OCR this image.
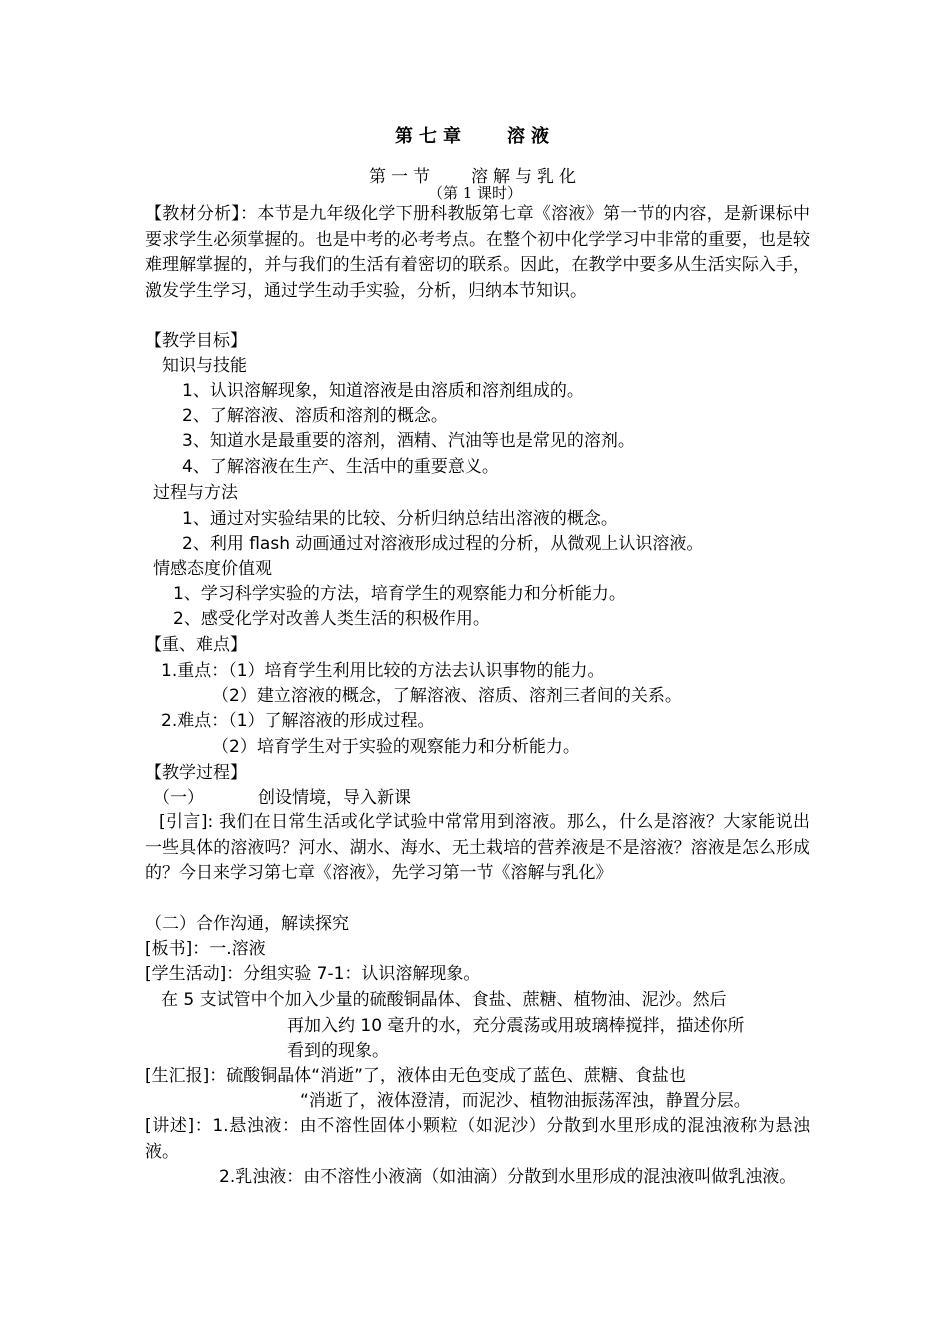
第七章 溶液
第一节 溶解与乳化
（第 1 课时）
【教材分析】：本节是九年级化学下册科教版第七章《溶液》第一节的内容，是新课标中要求学生必须掌握的。也是中考的必考考点。在整个初中化学学习中非常的重要，也是较难理解掌握的，并与我们的生活有着密切的联系。因此，在教学中要多从生活实际入手，激发学生学习，通过学生动手实验，分析，归纳本节知识。
【教学目标】
知识与技能
1、认识溶解现象，知道溶液是由溶质和溶剂组成的。
2、了解溶液、溶质和溶剂的概念。
3、知道水是最重要的溶剂，酒精、汽油等也是常见的溶剂。
4、了解溶液在生产、生活中的重要意义。
过程与方法
1、通过对实验结果的比较、分析归纳总结出溶液的概念。
2、利用 flash 动画通过对溶液形成过程的分析，从微观上认识溶液。
情感态度价值观
1、学习科学实验的方法，培育学生的观察能力和分析能力。
2、感受化学对改善人类生活的积极作用。
【重、难点】
1.重点：（1）培育学生利用比较的方法去认识事物的能力。
（2）建立溶液的概念，了解溶液、溶质、溶剂三者间的关系。
2.难点：（1）了解溶液的形成过程。
（2）培育学生对于实验的观察能力和分析能力。
【教学过程】
（一）	创设情境，导入新课
[引言]: 我们在日常生活或化学试验中常常用到溶液。那么，什么是溶液？大家能说出一些具体的溶液吗？河水、湖水、海水、无土栽培的营养液是不是溶液？溶液是怎么形成的？今日来学习第七章《溶液》，先学习第一节《溶解与乳化》
（二）合作沟通，解读探究
[板书]：一.溶液
[学生活动]：分组实验 7-1：认识溶解现象。
在 5 支试管中个加入少量的硫酸铜晶体、食盐、蔗糖、植物油、泥沙。然后
再加入约 10 毫升的水，充分震荡或用玻璃棒搅拌，描述你所
看到的现象。
[生汇报]：硫酸铜晶体“消逝”了，液体由无色变成了蓝色、蔗糖、食盐也
“消逝了，液体澄清，而泥沙、植物油振荡浑浊，静置分层。
[讲述]：1.悬浊液：由不溶性固体小颗粒（如泥沙）分散到水里形成的混浊液称为悬浊液。
2.乳浊液：由不溶性小液滴（如油滴）分散到水里形成的混浊液叫做乳浊液。
